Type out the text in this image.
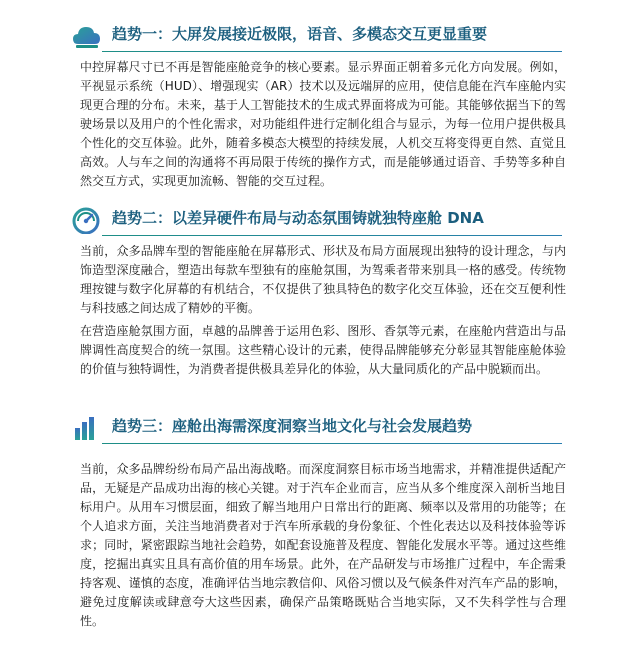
趋势一：大屏发展接近极限，语音、多模态交互更显重要

中控屏幕尺寸已不再是智能座舱竞争的核心要素。显示界面正朝着多元化方向发展。例如，平视显示系统（HUD）、增强现实（AR）技术以及远端屏的应用，使信息能在汽车座舱内实现更合理的分布。未来，基于人工智能技术的生成式界面将成为可能。其能够依据当下的驾驶场景以及用户的个性化需求，对功能组件进行定制化组合与显示，为每一位用户提供极具个性化的交互体验。此外，随着多模态大模型的持续发展，人机交互将变得更自然、直觉且高效。人与车之间的沟通将不再局限于传统的操作方式，而是能够通过语音、手势等多种自然交互方式，实现更加流畅、智能的交互过程。

趋势二：以差异硬件布局与动态氛围铸就独特座舱 DNA

当前，众多品牌车型的智能座舱在屏幕形式、形状及布局方面展现出独特的设计理念，与内饰造型深度融合，塑造出每款车型独有的座舱氛围，为驾乘者带来别具一格的感受。传统物理按键与数字化屏幕的有机结合，不仅提供了独具特色的数字化交互体验，还在交互便利性与科技感之间达成了精妙的平衡。

在营造座舱氛围方面，卓越的品牌善于运用色彩、图形、香氛等元素，在座舱内营造出与品牌调性高度契合的统一氛围。这些精心设计的元素，使得品牌能够充分彰显其智能座舱体验的价值与独特调性，为消费者提供极具差异化的体验，从大量同质化的产品中脱颖而出。

趋势三：座舱出海需深度洞察当地文化与社会发展趋势

当前，众多品牌纷纷布局产品出海战略。而深度洞察目标市场当地需求，并精准提供适配产品，无疑是产品成功出海的核心关键。对于汽车企业而言，应当从多个维度深入剖析当地目标用户。从用车习惯层面，细致了解当地用户日常出行的距离、频率以及常用的功能等；在个人追求方面，关注当地消费者对于汽车所承载的身份象征、个性化表达以及科技体验等诉求；同时，紧密跟踪当地社会趋势，如配套设施普及程度、智能化发展水平等。通过这些维度，挖掘出真实且具有高价值的用车场景。此外，在产品研发与市场推广过程中，车企需秉持客观、谨慎的态度，准确评估当地宗教信仰、风俗习惯以及气候条件对汽车产品的影响，避免过度解读或肆意夸大这些因素，确保产品策略既贴合当地实际，又不失科学性与合理性。
